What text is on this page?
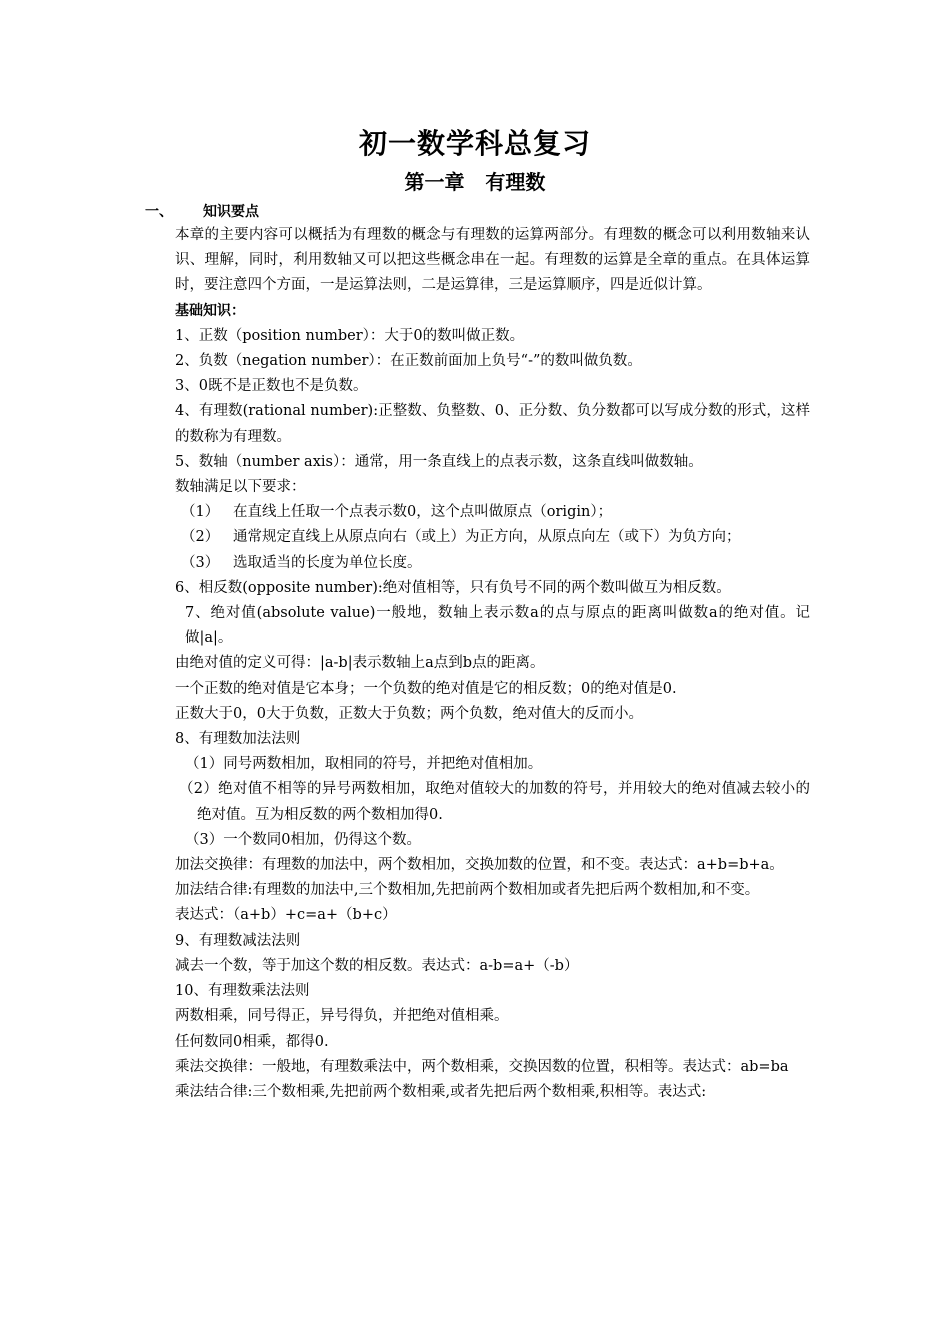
初一数学科总复习
第一章   有理数
一、 知识要点

本章的主要内容可以概括为有理数的概念与有理数的运算两部分。有理数的概念可以利用数轴来认识、理解，同时，利用数轴又可以把这些概念串在一起。有理数的运算是全章的重点。在具体运算时，要注意四个方面，一是运算法则，二是运算律，三是运算顺序，四是近似计算。

基础知识：

1、正数（position number）：大于0的数叫做正数。

2、负数（negation number）：在正数前面加上负号“-”的数叫做负数。

3、0既不是正数也不是负数。

4、有理数(rational number):正整数、负整数、0、正分数、负分数都可以写成分数的形式，这样的数称为有理数。

5、数轴（number axis）：通常，用一条直线上的点表示数，这条直线叫做数轴。

数轴满足以下要求：

（1）   在直线上任取一个点表示数0，这个点叫做原点（origin）；

（2）   通常规定直线上从原点向右（或上）为正方向，从原点向左（或下）为负方向；

（3）   选取适当的长度为单位长度。

6、相反数(opposite number):绝对值相等，只有负号不同的两个数叫做互为相反数。

7、绝对值(absolute value)一般地，数轴上表示数a的点与原点的距离叫做数a的绝对值。记做|a|。

由绝对值的定义可得：|a-b|表示数轴上a点到b点的距离。

一个正数的绝对值是它本身；一个负数的绝对值是它的相反数；0的绝对值是0.

正数大于0，0大于负数，正数大于负数；两个负数，绝对值大的反而小。

8、有理数加法法则

（1）同号两数相加，取相同的符号，并把绝对值相加。

（2）绝对值不相等的异号两数相加，取绝对值较大的加数的符号，并用较大的绝对值减去较小的绝对值。互为相反数的两个数相加得0.

（3）一个数同0相加，仍得这个数。

加法交换律：有理数的加法中，两个数相加，交换加数的位置，和不变。表达式：a+b=b+a。

加法结合律:有理数的加法中,三个数相加,先把前两个数相加或者先把后两个数相加,和不变。

表达式：（a+b）+c=a+（b+c）

9、有理数减法法则

减去一个数，等于加这个数的相反数。表达式：a-b=a+（-b）

10、有理数乘法法则

两数相乘，同号得正，异号得负，并把绝对值相乘。

任何数同0相乘，都得0.

乘法交换律：一般地，有理数乘法中，两个数相乘，交换因数的位置，积相等。表达式：ab=ba

乘法结合律:三个数相乘,先把前两个数相乘,或者先把后两个数相乘,积相等。表达式:
